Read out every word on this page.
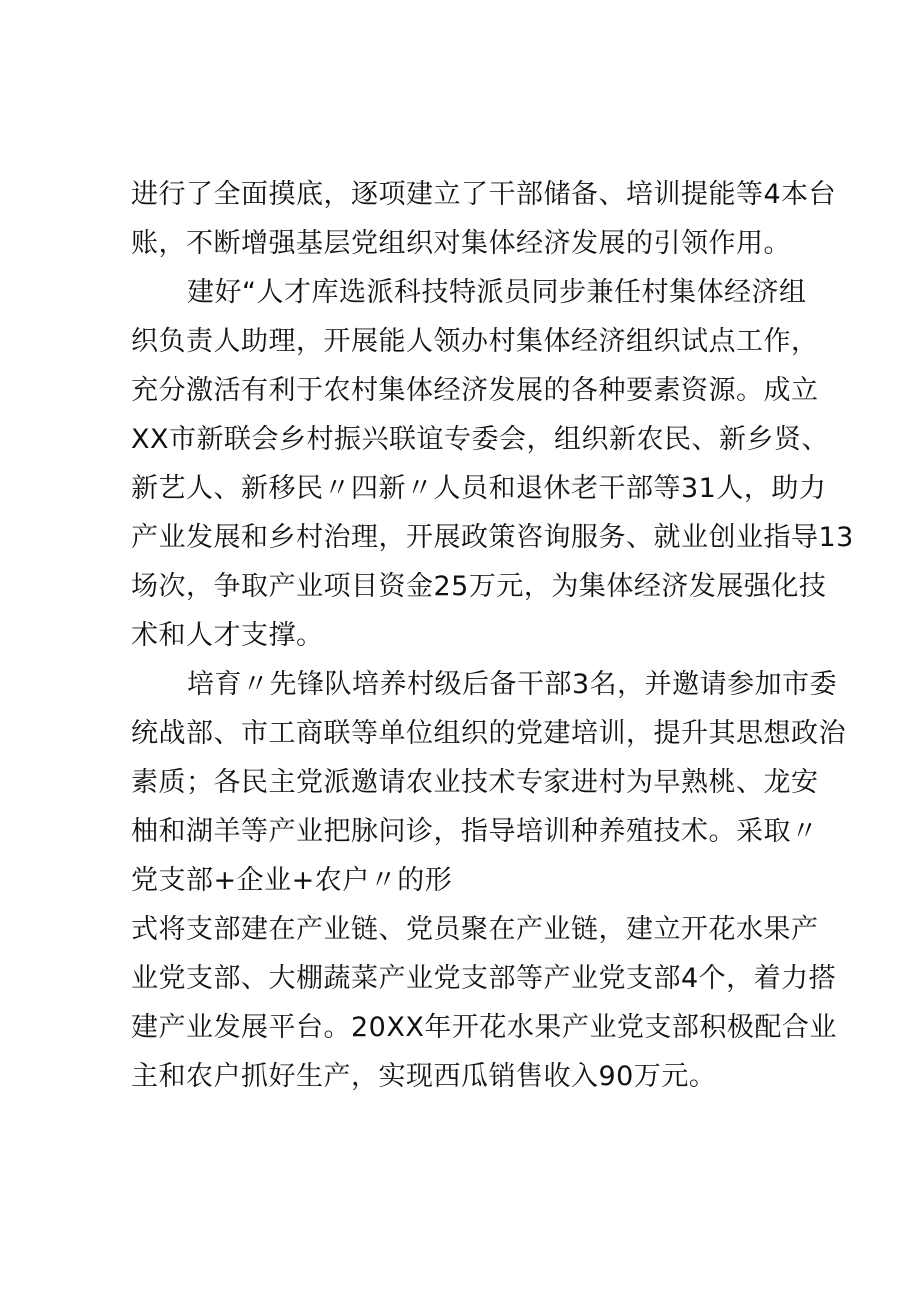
进行了全面摸底，逐项建立了干部储备、培训提能等4本台
账，不断增强基层党组织对集体经济发展的引领作用。
建好“人才库选派科技特派员同步兼任村集体经济组
织负责人助理，开展能人领办村集体经济组织试点工作，
充分激活有利于农村集体经济发展的各种要素资源。成立
XX市新联会乡村振兴联谊专委会，组织新农民、新乡贤、
新艺人、新移民〃四新〃人员和退休老干部等31人，助力
产业发展和乡村治理，开展政策咨询服务、就业创业指导13
场次，争取产业项目资金25万元，为集体经济发展强化技
术和人才支撑。
培育〃先锋队培养村级后备干部3名，并邀请参加市委
统战部、市工商联等单位组织的党建培训，提升其思想政治
素质；各民主党派邀请农业技术专家进村为早熟桃、龙安
柚和湖羊等产业把脉问诊，指导培训种养殖技术。采取〃
党支部+企业+农户〃的形
式将支部建在产业链、党员聚在产业链，建立开花水果产
业党支部、大棚蔬菜产业党支部等产业党支部4个，着力搭
建产业发展平台。20XX年开花水果产业党支部积极配合业
主和农户抓好生产，实现西瓜销售收入90万元。
